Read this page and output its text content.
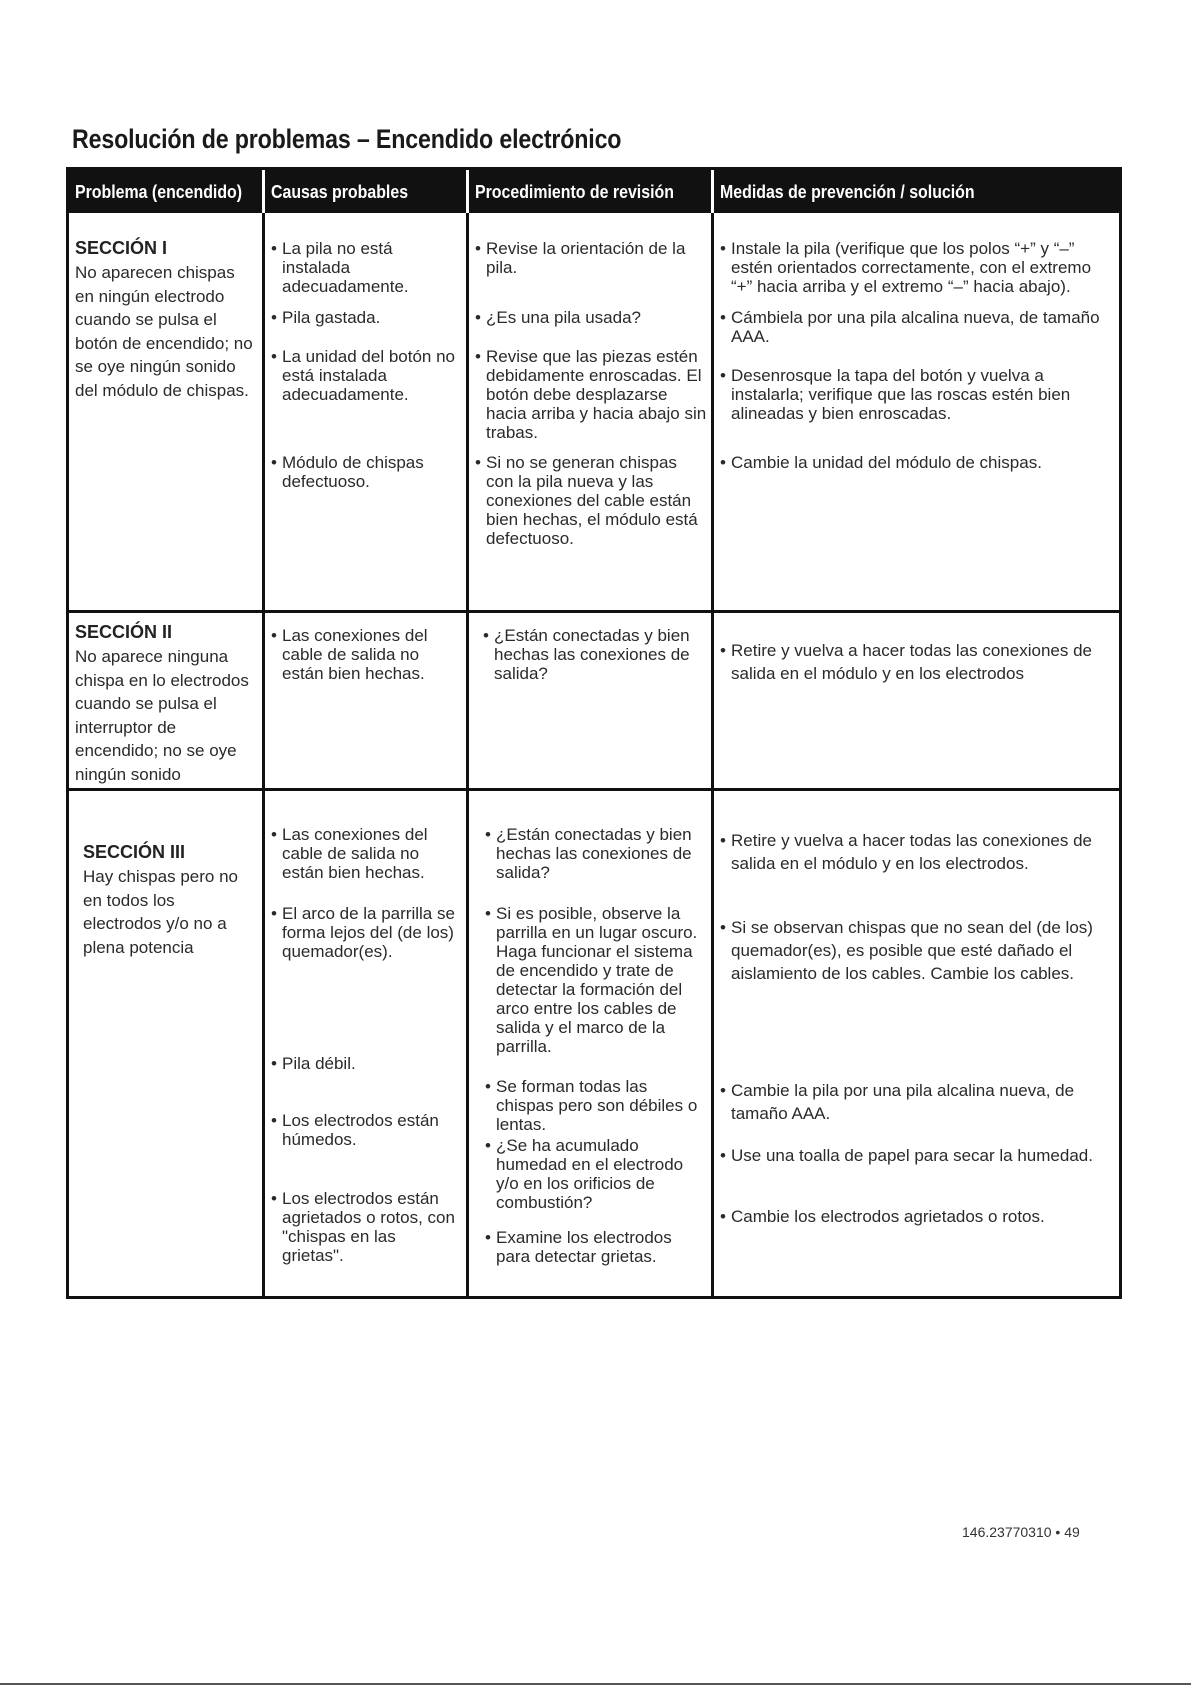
Resolución de problemas – Encendido electrónico
Problema (encendido) Causas probables	Procedimiento de revisión Medidas de prevención / solución
SECCIÓN I
No aparecen chispas en ningún electrodo cuando se pulsa el botón de encendido; no se oye ningún sonido del módulo de chispas.
• La pila no está instalada adecuadamente.
• Pila gastada.
• La unidad del botón no está instalada adecuadamente.
• Módulo de chispas defectuoso.
• Revise la orientación de la pila.
• ¿Es una pila usada?
• Revise que las piezas estén debidamente enroscadas. El botón debe desplazarse hacia arriba y hacia abajo sin trabas.
• Si no se generan chispas con la pila nueva y las conexiones del cable están bien hechas, el módulo está defectuoso.
• Instale la pila (verifique que los polos “+” y “–” estén orientados correctamente, con el extremo “+” hacia arriba y el extremo “–” hacia abajo).
• Cámbiela por una pila alcalina nueva, de tamaño AAA.
• Desenrosque la tapa del botón y vuelva a instalarla; verifique que las roscas estén bien alineadas y bien enroscadas.
• Cambie la unidad del módulo de chispas.
SECCIÓN II
No aparece ninguna chispa en lo electrodos cuando se pulsa el interruptor de encendido; no se oye ningún sonido
• Las conexiones del cable de salida no están bien hechas.
• ¿Están conectadas y bien hechas las conexiones de salida?
• Retire y vuelva a hacer todas las conexiones de salida en el módulo y en los electrodos
SECCIÓN III
Hay chispas pero no en todos los electrodos y/o no a plena potencia
• Las conexiones del cable de salida no están bien hechas.
• El arco de la parrilla se forma lejos del (de los) quemador(es).
• Pila débil.
• Los electrodos están húmedos.
• Los electrodos están agrietados o rotos, con "chispas en las grietas".
• ¿Están conectadas y bien hechas las conexiones de salida?
• Si es posible, observe la parrilla en un lugar oscuro. Haga funcionar el sistema de encendido y trate de detectar la formación del arco entre los cables de salida y el marco de la parrilla.
• Se forman todas las chispas pero son débiles o lentas.
• ¿Se ha acumulado humedad en el electrodo y/o en los orificios de combustión?
• Examine los electrodos para detectar grietas.
• Retire y vuelva a hacer todas las conexiones de salida en el módulo y en los electrodos.
• Si se observan chispas que no sean del (de los) quemador(es), es posible que esté dañado el aislamiento de los cables. Cambie los cables.
• Cambie la pila por una pila alcalina nueva, de tamaño AAA.
• Use una toalla de papel para secar la humedad.
• Cambie los electrodos agrietados o rotos.
146.23770310 • 49
